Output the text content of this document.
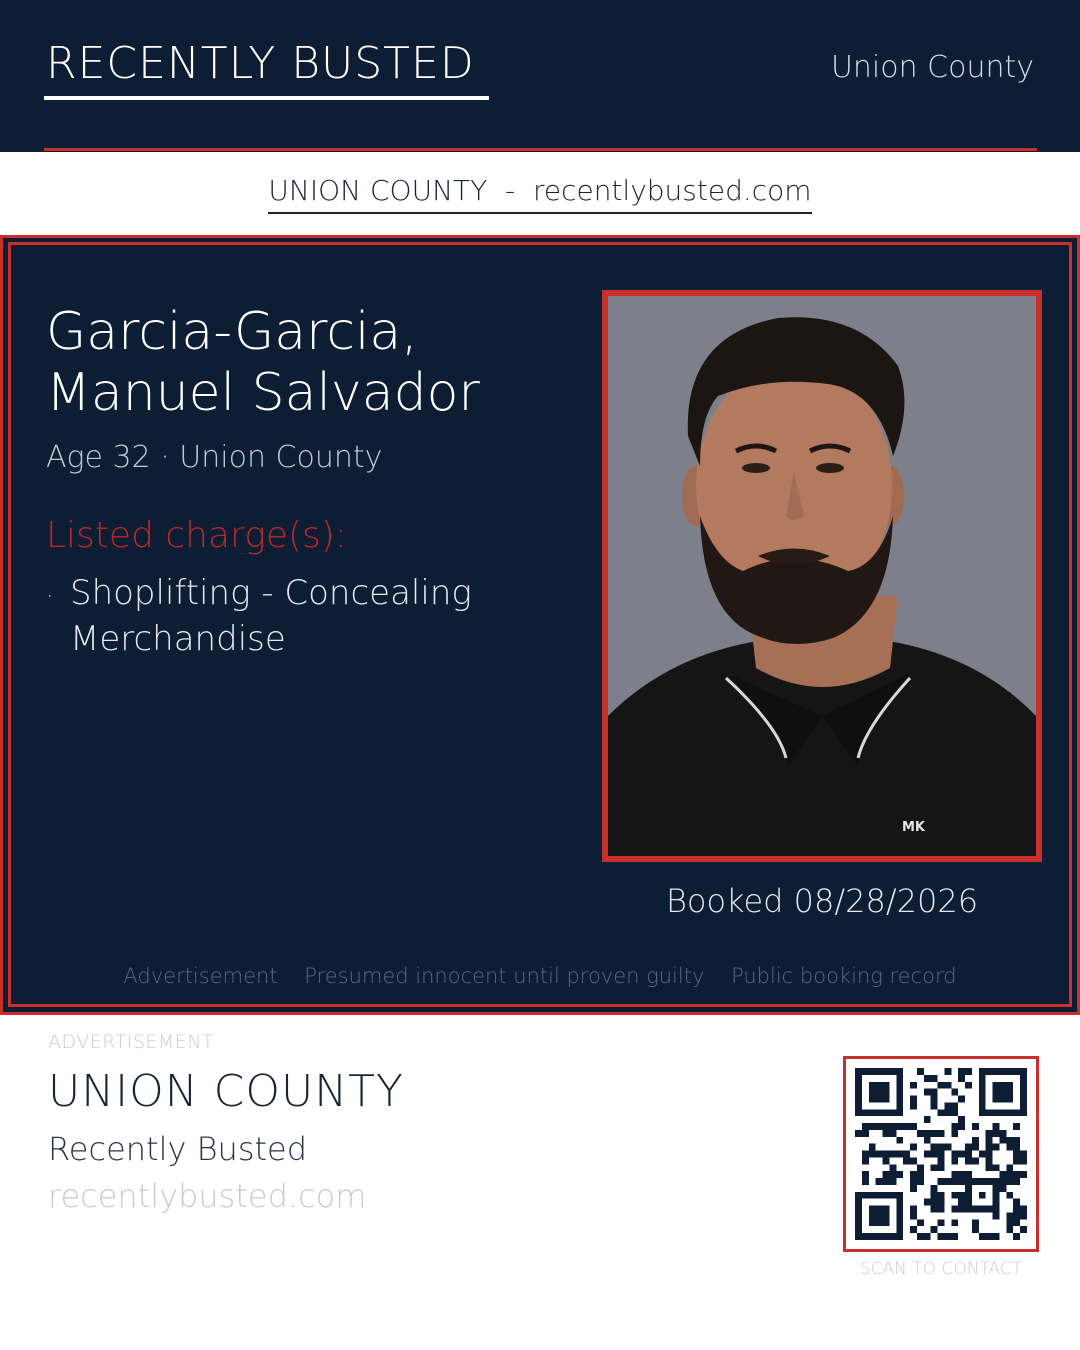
RECENTLY BUSTED	Union County
UNION COUNTY  -  recentlybusted.com
Garcia-Garcia,
Manuel Salvador
Age 32 · Union County
Listed charge(s):
· Shoplifting - Concealing Merchandise
MK
Booked 08/28/2026
Advertisement Presumed innocent until proven guilty Public booking record
ADVERTISEMENT
UNION COUNTY
Recently Busted
recentlybusted.com
SCAN TO CONTACT
